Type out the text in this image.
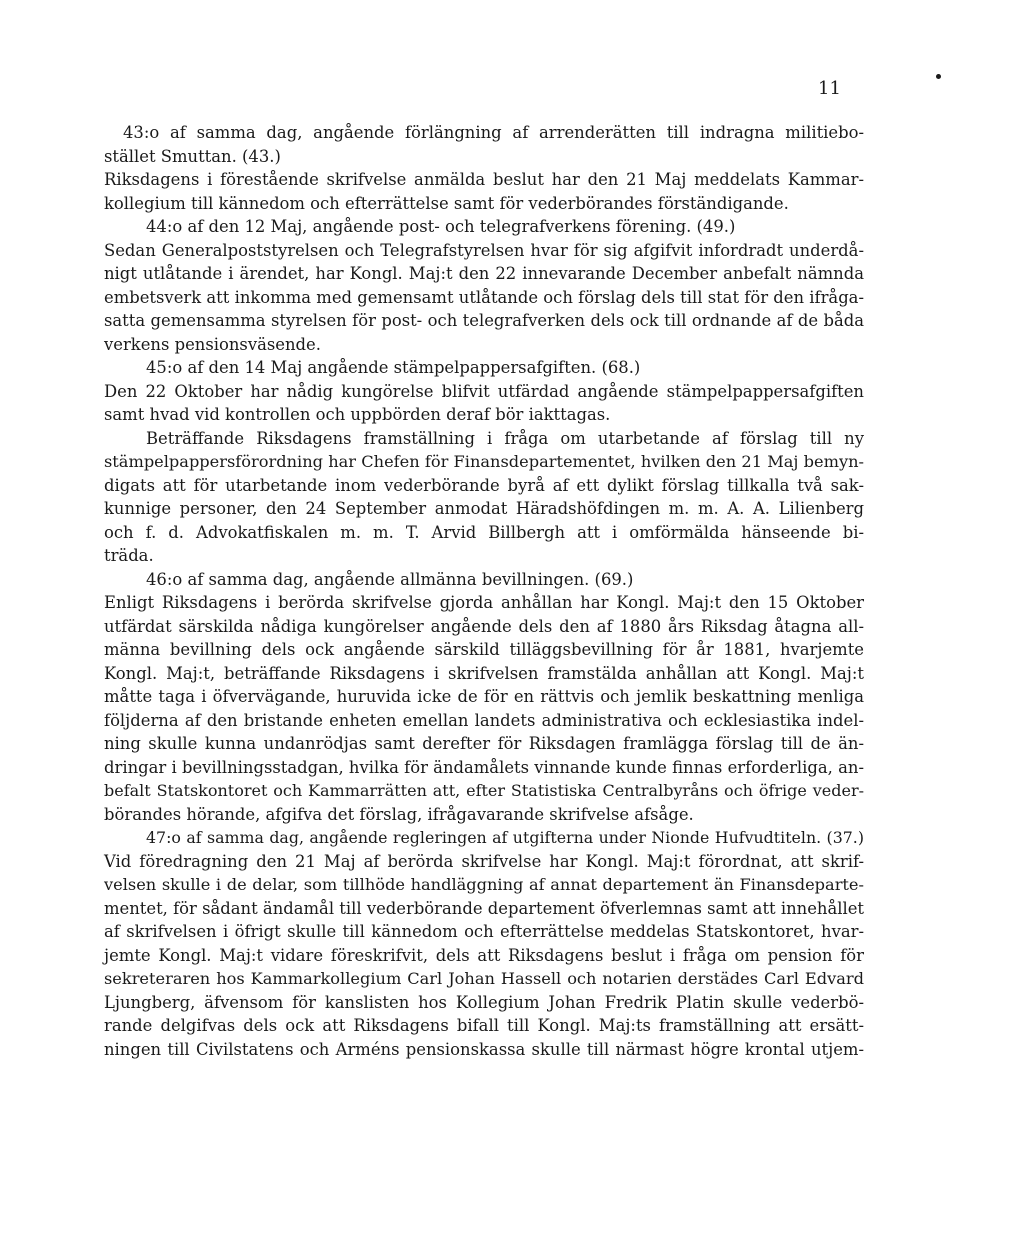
11
43:o af samma dag, angående förlängning af arrenderätten till indragna militiebo-
stället Smuttan. (43.)
Riksdagens i förestående skrifvelse anmälda beslut har den 21 Maj meddelats Kammar-
kollegium till kännedom och efterrättelse samt för vederbörandes förständigande.
44:o af den 12 Maj, angående post- och telegrafverkens förening. (49.)
Sedan Generalpoststyrelsen och Telegrafstyrelsen hvar för sig afgifvit infordradt underdå-
nigt utlåtande i ärendet, har Kongl. Maj:t den 22 innevarande December anbefalt nämnda
embetsverk att inkomma med gemensamt utlåtande och förslag dels till stat för den ifråga-
satta gemensamma styrelsen för post- och telegrafverken dels ock till ordnande af de båda
verkens pensionsväsende.
45:o af den 14 Maj angående stämpelpappersafgiften. (68.)
Den 22 Oktober har nådig kungörelse blifvit utfärdad angående stämpelpappersafgiften
samt hvad vid kontrollen och uppbörden deraf bör iakttagas.
Beträffande Riksdagens framställning i fråga om utarbetande af förslag till ny
stämpelpappersförordning har Chefen för Finansdepartementet, hvilken den 21 Maj bemyn-
digats att för utarbetande inom vederbörande byrå af ett dylikt förslag tillkalla två sak-
kunnige personer, den 24 September anmodat Häradshöfdingen m. m. A. A. Lilienberg
och f. d. Advokatfiskalen m. m. T. Arvid Billbergh att i omförmälda hänseende bi-
träda.
46:o af samma dag, angående allmänna bevillningen. (69.)
Enligt Riksdagens i berörda skrifvelse gjorda anhållan har Kongl. Maj:t den 15 Oktober
utfärdat särskilda nådiga kungörelser angående dels den af 1880 års Riksdag åtagna all-
männa bevillning dels ock angående särskild tilläggsbevillning för år 1881, hvarjemte
Kongl. Maj:t, beträffande Riksdagens i skrifvelsen framstälda anhållan att Kongl. Maj:t
måtte taga i öfvervägande, huruvida icke de för en rättvis och jemlik beskattning menliga
följderna af den bristande enheten emellan landets administrativa och ecklesiastika indel-
ning skulle kunna undanrödjas samt derefter för Riksdagen framlägga förslag till de än-
dringar i bevillningsstadgan, hvilka för ändamålets vinnande kunde finnas erforderliga, an-
befalt Statskontoret och Kammarrätten att, efter Statistiska Centralbyråns och öfrige veder-
börandes hörande, afgifva det förslag, ifrågavarande skrifvelse afsåge.
47:o af samma dag, angående regleringen af utgifterna under Nionde Hufvudtiteln. (37.)
Vid föredragning den 21 Maj af berörda skrifvelse har Kongl. Maj:t förordnat, att skrif-
velsen skulle i de delar, som tillhöde handläggning af annat departement än Finansdeparte-
mentet, för sådant ändamål till vederbörande departement öfverlemnas samt att innehållet
af skrifvelsen i öfrigt skulle till kännedom och efterrättelse meddelas Statskontoret, hvar-
jemte Kongl. Maj:t vidare föreskrifvit, dels att Riksdagens beslut i fråga om pension för
sekreteraren hos Kammarkollegium Carl Johan Hassell och notarien derstädes Carl Edvard
Ljungberg, äfvensom för kanslisten hos Kollegium Johan Fredrik Platin skulle vederbö-
rande delgifvas dels ock att Riksdagens bifall till Kongl. Maj:ts framställning att ersätt-
ningen till Civilstatens och Arméns pensionskassa skulle till närmast högre krontal utjem-
